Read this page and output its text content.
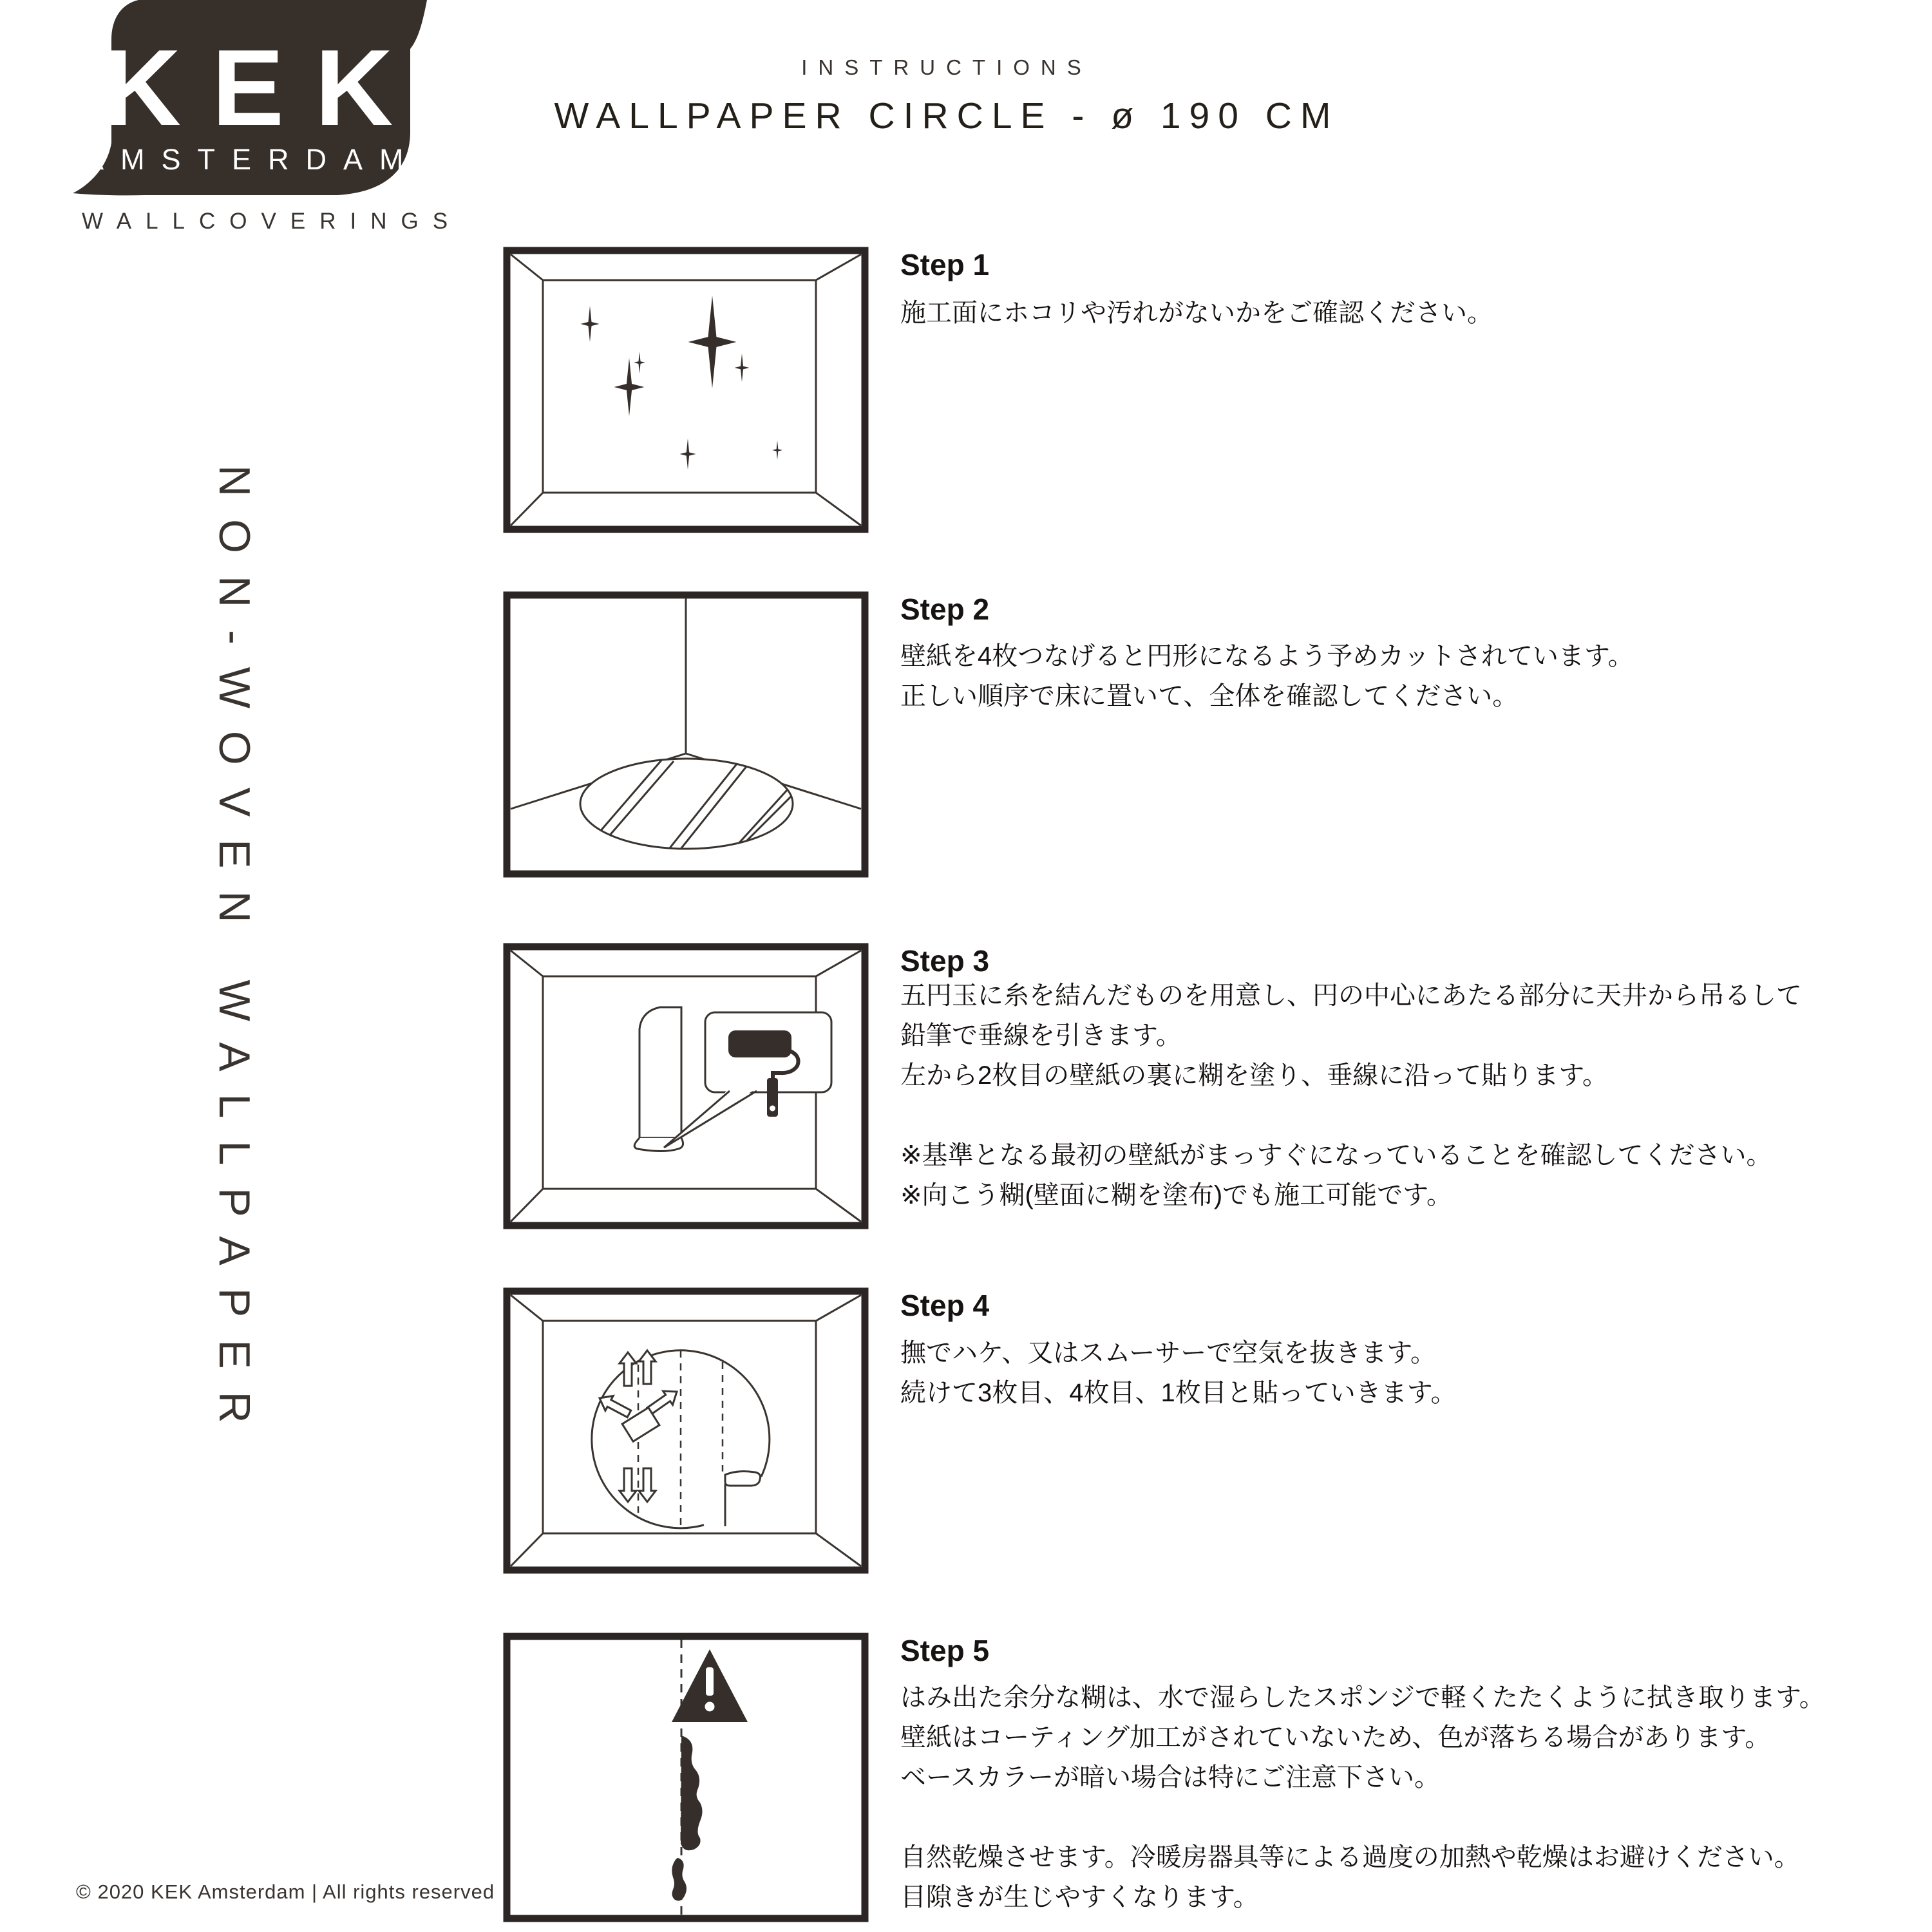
KEK
AMSTERDAM®
WALLCOVERINGS
INSTRUCTIONS
WALLPAPER CIRCLE - ø 190 CM
NON-WOVEN WALLPAPER
Step 1
施工面にホコリや汚れがないかをご確認ください。
Step 2
壁紙を4枚つなげると円形になるよう予めカットされています。
正しい順序で床に置いて、全体を確認してください。
Step 3
五円玉に糸を結んだものを用意し、円の中心にあたる部分に天井から吊るして
鉛筆で垂線を引きます。
左から2枚目の壁紙の裏に糊を塗り、垂線に沿って貼ります。
※基準となる最初の壁紙がまっすぐになっていることを確認してください。
※向こう糊(壁面に糊を塗布)でも施工可能です。
Step 4
撫でハケ、又はスムーサーで空気を抜きます。
続けて3枚目、4枚目、1枚目と貼っていきます。
Step 5
はみ出た余分な糊は、水で湿らしたスポンジで軽くたたくように拭き取ります。
壁紙はコーティング加工がされていないため、色が落ちる場合があります。
ベースカラーが暗い場合は特にご注意下さい。
自然乾燥させます。冷暖房器具等による過度の加熱や乾燥はお避けください。
目隙きが生じやすくなります。
© 2020 KEK Amsterdam | All rights reserved
